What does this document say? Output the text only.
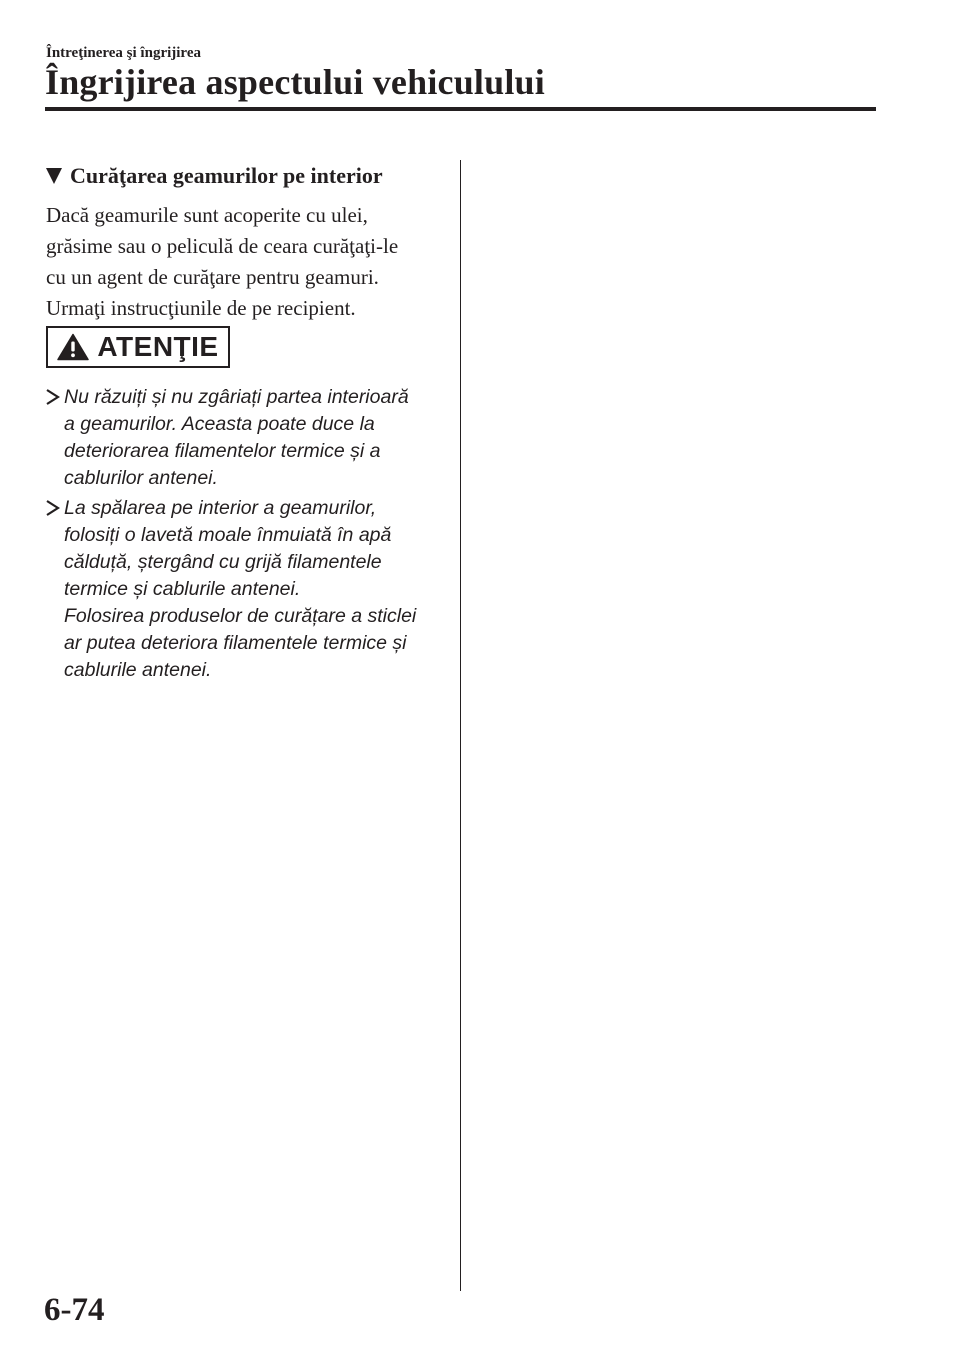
Întreţinerea şi îngrijirea
Îngrijirea aspectului vehiculului
Curăţarea geamurilor pe interior
Dacă geamurile sunt acoperite cu ulei,
grăsime sau o peliculă de ceara curăţaţi-le
cu un agent de curăţare pentru geamuri.
Urmaţi instrucţiunile de pe recipient.
ATENŢIE
Nu răzuiți și nu zgâriați partea interioară
a geamurilor. Aceasta poate duce la
deteriorarea filamentelor termice și a
cablurilor antenei.
La spălarea pe interior a geamurilor,
folosiți o lavetă moale înmuiată în apă
călduță, ștergând cu grijă filamentele
termice și cablurile antenei.
Folosirea produselor de curățare a sticlei
ar putea deteriora filamentele termice și
cablurile antenei.
6-74
